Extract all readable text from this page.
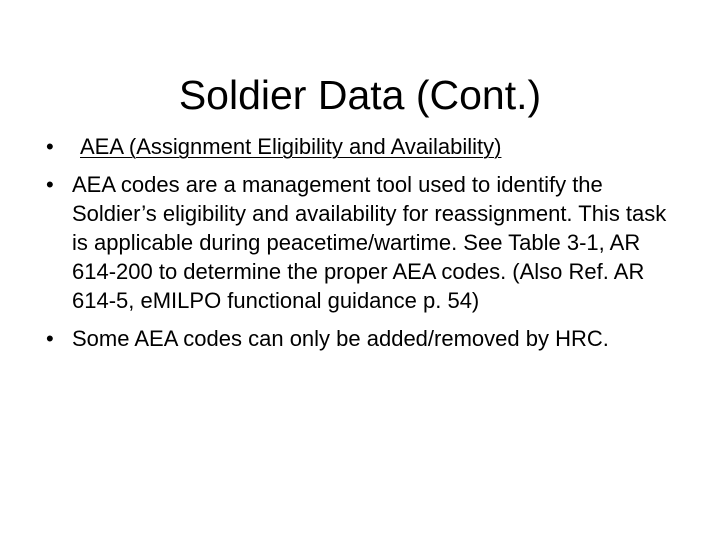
Soldier Data (Cont.)
•	AEA (Assignment Eligibility and Availability)
• AEA codes are a management tool used to identify the Soldier’s eligibility and availability for reassignment. This task is applicable during peacetime/wartime. See Table 3-1, AR 614-200 to determine the proper AEA codes. (Also Ref. AR 614-5, eMILPO functional guidance p. 54)
• Some AEA codes can only be added/removed by HRC.
